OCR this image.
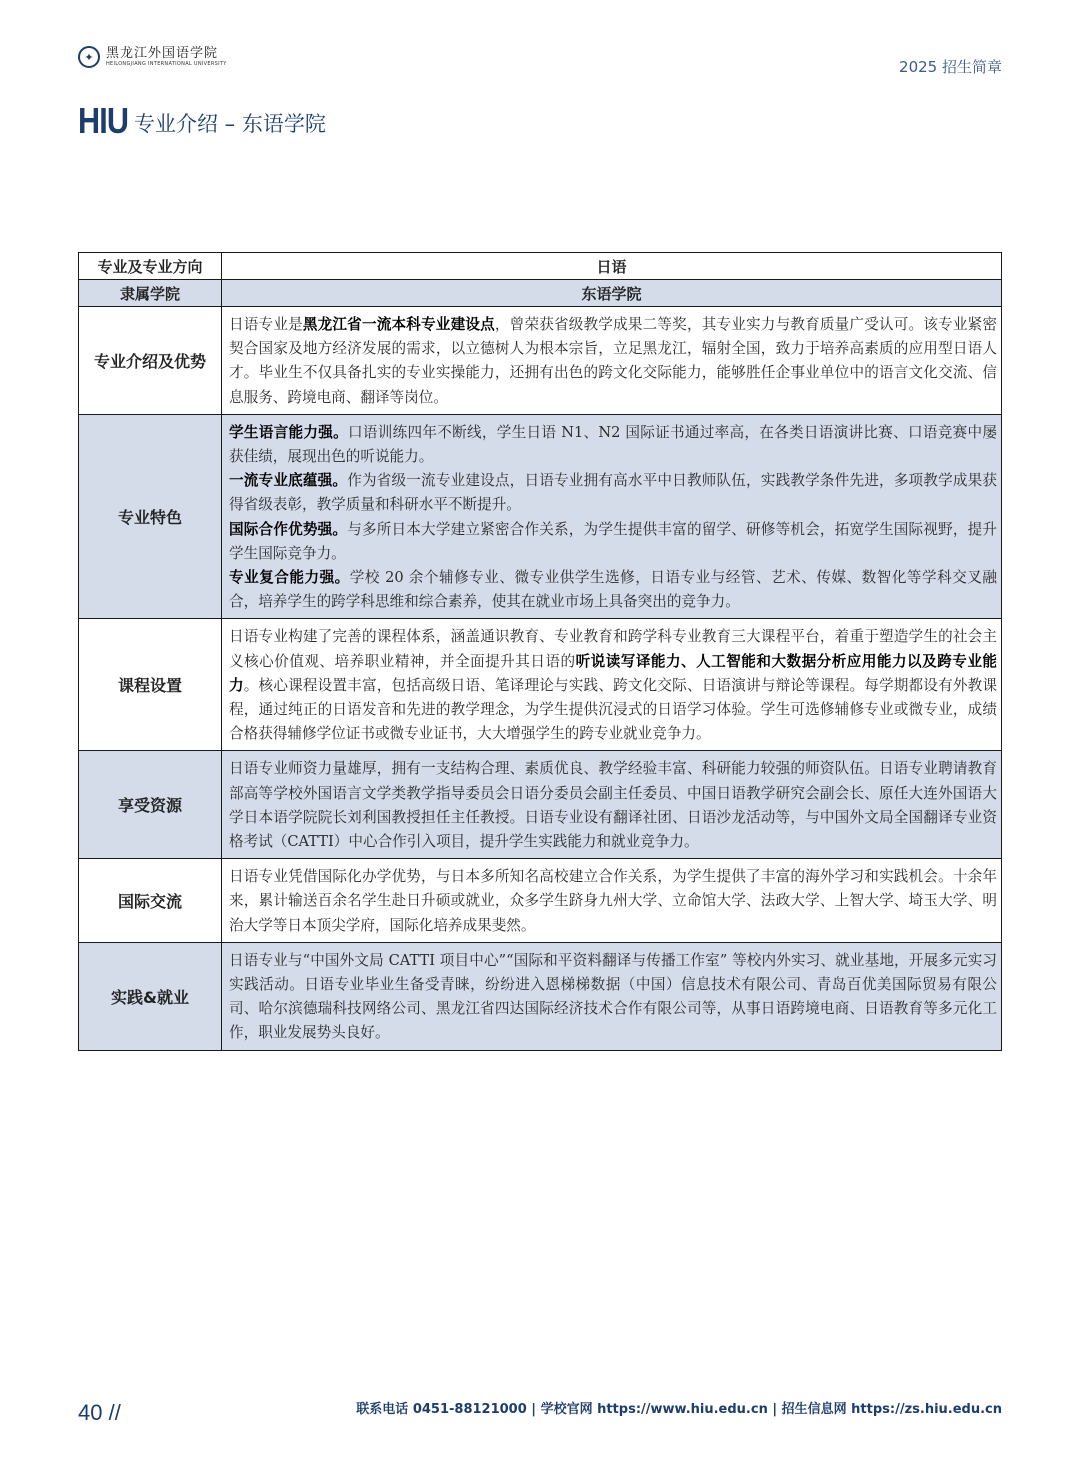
✦ 黑龙江外国语学院
HEILONGJIANG INTERNATIONAL UNIVERSITY	2025 招生简章
HIU 专业介绍 – 东语学院
专业及专业方向	日语
隶属学院	东语学院
专业介绍及优势	日语专业是黑龙江省一流本科专业建设点，曾荣获省级教学成果二等奖，其专业实力与教育质量广受认可。该专业紧密契合国家及地方经济发展的需求，以立德树人为根本宗旨，立足黑龙江，辐射全国，致力于培养高素质的应用型日语人才。毕业生不仅具备扎实的专业实操能力，还拥有出色的跨文化交际能力，能够胜任企事业单位中的语言文化交流、信息服务、跨境电商、翻译等岗位。
专业特色	学生语言能力强。口语训练四年不断线，学生日语 N1、N2 国际证书通过率高，在各类日语演讲比赛、口语竞赛中屡获佳绩，展现出色的听说能力。
一流专业底蕴强。作为省级一流专业建设点，日语专业拥有高水平中日教师队伍，实践教学条件先进，多项教学成果获得省级表彰，教学质量和科研水平不断提升。
国际合作优势强。与多所日本大学建立紧密合作关系，为学生提供丰富的留学、研修等机会，拓宽学生国际视野，提升学生国际竞争力。
专业复合能力强。学校 20 余个辅修专业、微专业供学生选修，日语专业与经管、艺术、传媒、数智化等学科交叉融合，培养学生的跨学科思维和综合素养，使其在就业市场上具备突出的竞争力。

课程设置	日语专业构建了完善的课程体系，涵盖通识教育、专业教育和跨学科专业教育三大课程平台，着重于塑造学生的社会主义核心价值观、培养职业精神，并全面提升其日语的听说读写译能力、人工智能和大数据分析应用能力以及跨专业能力。核心课程设置丰富，包括高级日语、笔译理论与实践、跨文化交际、日语演讲与辩论等课程。每学期都设有外教课程，通过纯正的日语发音和先进的教学理念，为学生提供沉浸式的日语学习体验。学生可选修辅修专业或微专业，成绩合格获得辅修学位证书或微专业证书，大大增强学生的跨专业就业竞争力。
享受资源	日语专业师资力量雄厚，拥有一支结构合理、素质优良、教学经验丰富、科研能力较强的师资队伍。日语专业聘请教育部高等学校外国语言文学类教学指导委员会日语分委员会副主任委员、中国日语教学研究会副会长、原任大连外国语大学日本语学院院长刘利国教授担任主任教授。日语专业设有翻译社团、日语沙龙活动等，与中国外文局全国翻译专业资格考试（CATTI）中心合作引入项目，提升学生实践能力和就业竞争力。
国际交流	日语专业凭借国际化办学优势，与日本多所知名高校建立合作关系，为学生提供了丰富的海外学习和实践机会。十余年来，累计输送百余名学生赴日升硕或就业，众多学生跻身九州大学、立命馆大学、法政大学、上智大学、埼玉大学、明治大学等日本顶尖学府，国际化培养成果斐然。
实践&就业	日语专业与“中国外文局 CATTI 项目中心”“国际和平资料翻译与传播工作室” 等校内外实习、就业基地，开展多元实习实践活动。日语专业毕业生备受青睐，纷纷进入恩梯梯数据（中国）信息技术有限公司、青岛百优美国际贸易有限公司、哈尔滨德瑞科技网络公司、黑龙江省四达国际经济技术合作有限公司等，从事日语跨境电商、日语教育等多元化工作，职业发展势头良好。
40 //	联系电话 0451-88121000 | 学校官网 https://www.hiu.edu.cn | 招生信息网 https://zs.hiu.edu.cn
